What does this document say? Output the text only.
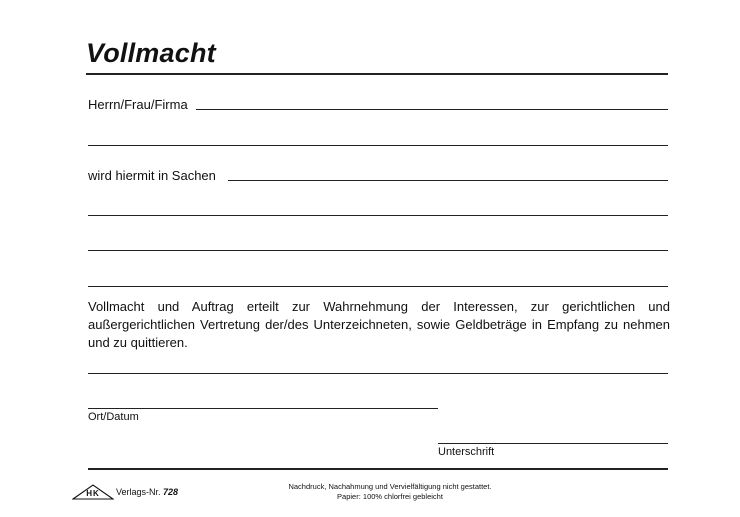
Vollmacht
Herrn/Frau/Firma
wird hiermit in Sachen
Vollmacht und Auftrag erteilt zur Wahrnehmung der Interessen, zur gerichtlichen und außergerichtlichen Vertretung der/des Unterzeichneten, sowie Geldbeträge in Empfang zu nehmen und zu quittieren.
Ort/Datum
Unterschrift
HK	Verlags-Nr. 728
Nachdruck, Nachahmung und Vervielfältigung nicht gestattet.
Papier: 100% chlorfrei gebleicht
